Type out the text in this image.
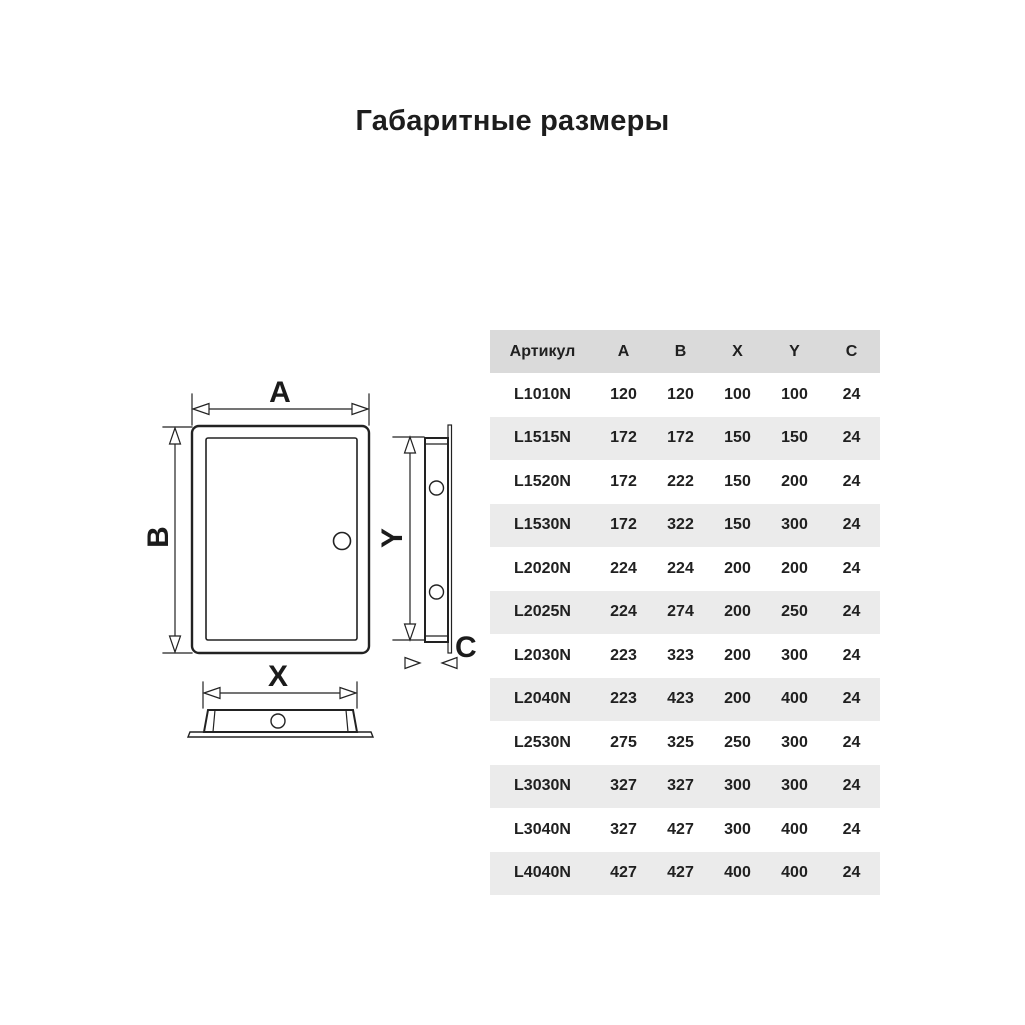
Габаритные размеры
A
B	Y
C
X
Артикул	A	B	X	Y	C
L1010N	120	120	100	100	24
L1515N	172	172	150	150	24
L1520N	172	222	150	200	24
L1530N	172	322	150	300	24
L2020N	224	224	200	200	24
L2025N	224	274	200	250	24
L2030N	223	323	200	300	24
L2040N	223	423	200	400	24
L2530N	275	325	250	300	24
L3030N	327	327	300	300	24
L3040N	327	427	300	400	24
L4040N	427	427	400	400	24
